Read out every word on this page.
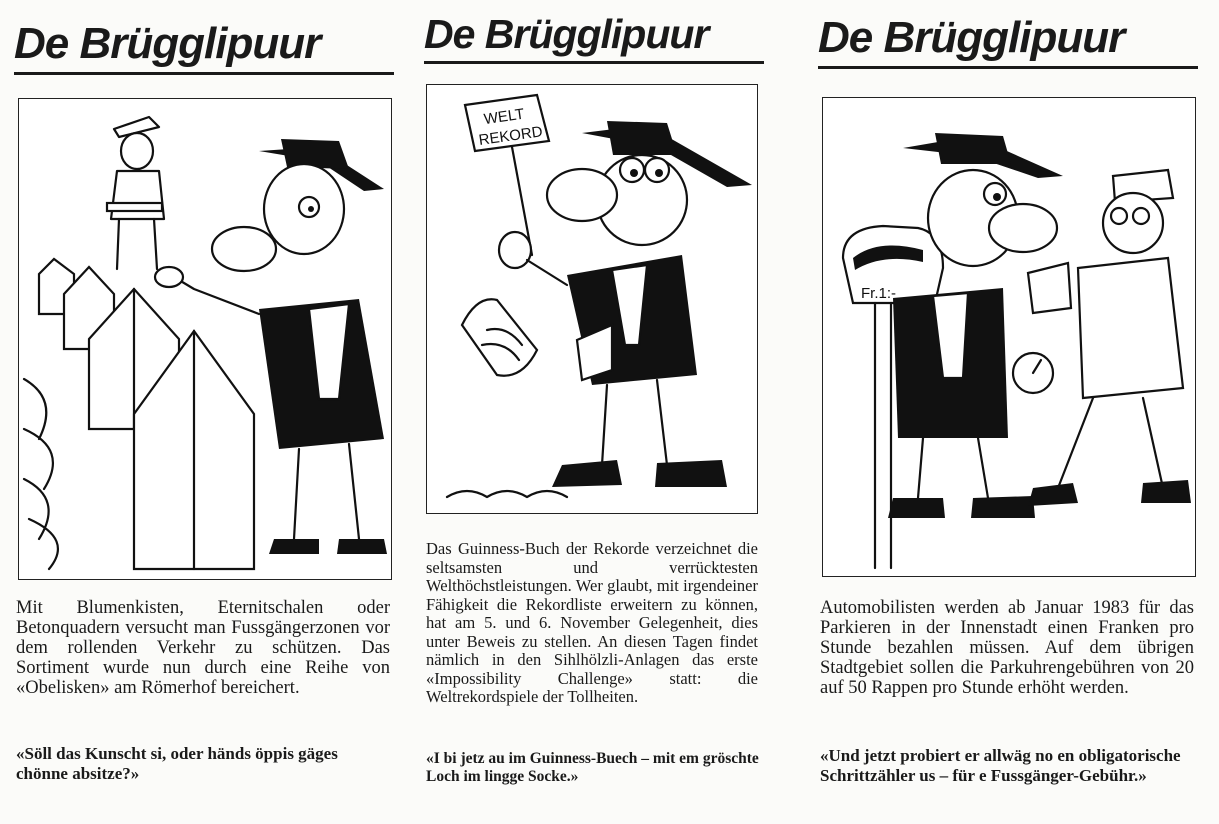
De Brügglipuur

Mit Blumenkisten, Eternitschalen oder Betonquadern versucht man Fussgängerzonen vor dem rollenden Verkehr zu schützen. Das Sortiment wurde nun durch eine Reihe von «Obelisken» am Römerhof bereichert.

«Söll das Kunscht si, oder händs öppis gäges chönne absitze?»

De Brügglipuur
WELT
REKORD

Das Guinness-Buch der Rekorde verzeichnet die seltsamsten und verrücktesten Welthöchstleistungen. Wer glaubt, mit irgendeiner Fähigkeit die Rekordliste erweitern zu können, hat am 5. und 6. November Gelegenheit, dies unter Beweis zu stellen. An diesen Tagen findet nämlich in den Sihlhölzli-Anlagen das erste «Impossibility Challenge» statt: die Weltrekordspiele der Tollheiten.

«I bi jetz au im Guinness-Buech – mit em gröschte Loch im lingge Socke.»

De Brügglipuur
Fr.1:-

Automobilisten werden ab Januar 1983 für das Parkieren in der Innenstadt einen Franken pro Stunde bezahlen müssen. Auf dem übrigen Stadtgebiet sollen die Parkuhrengebühren von 20 auf 50 Rappen pro Stunde erhöht werden.

«Und jetzt probiert er allwäg no en obligatorische Schrittzähler us – für e Fussgänger-Gebühr.»
